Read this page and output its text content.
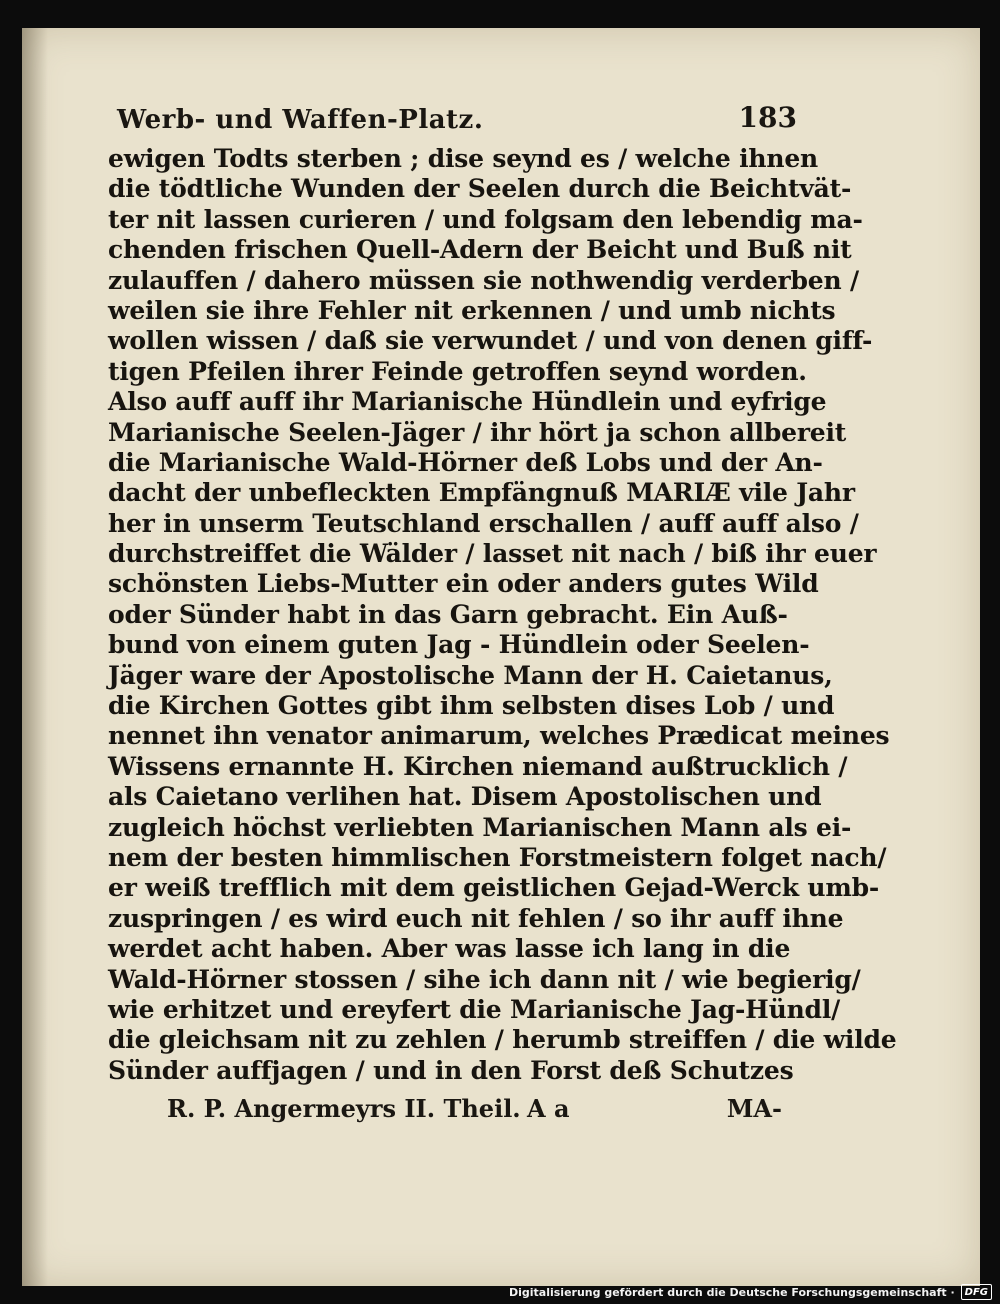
Werb- und Waffen-Platz.	183
ewigen Todts sterben ; dise seynd es / welche ihnen
die tödtliche Wunden der Seelen durch die Beichtvät-
ter nit lassen curieren / und folgsam den lebendig ma-
chenden frischen Quell-Adern der Beicht und Buß nit
zulauffen / dahero müssen sie nothwendig verderben /
weilen sie ihre Fehler nit erkennen / und umb nichts
wollen wissen / daß sie verwundet / und von denen giff-
tigen Pfeilen ihrer Feinde getroffen seynd worden.
Also auff auff ihr Marianische Hündlein und eyfrige
Marianische Seelen-Jäger / ihr hört ja schon allbereit
die Marianische Wald-Hörner deß Lobs und der An-
dacht der unbefleckten Empfängnuß MARIÆ vile Jahr
her in unserm Teutschland erschallen / auff auff also /
durchstreiffet die Wälder / lasset nit nach / biß ihr euer
schönsten Liebs-Mutter ein oder anders gutes Wild
oder Sünder habt in das Garn gebracht. Ein Auß-
bund von einem guten Jag - Hündlein oder Seelen-
Jäger ware der Apostolische Mann der H. Caietanus,
die Kirchen Gottes gibt ihm selbsten dises Lob / und
nennet ihn venator animarum, welches Prædicat meines
Wissens ernannte H. Kirchen niemand außtrucklich /
als Caietano verlihen hat. Disem Apostolischen und
zugleich höchst verliebten Marianischen Mann als ei-
nem der besten himmlischen Forstmeistern folget nach/
er weiß trefflich mit dem geistlichen Gejad-Werck umb-
zuspringen / es wird euch nit fehlen / so ihr auff ihne
werdet acht haben. Aber was lasse ich lang in die
Wald-Hörner stossen / sihe ich dann nit / wie begierig/
wie erhitzet und ereyfert die Marianische Jag-Hündl/
die gleichsam nit zu zehlen / herumb streiffen / die wilde
Sünder auffjagen / und in den Forst deß Schutzes
R. P. Angermeyrs II. Theil. A a	MA-
Digitalisierung gefördert durch die Deutsche Forschungsgemeinschaft ·	DFG
